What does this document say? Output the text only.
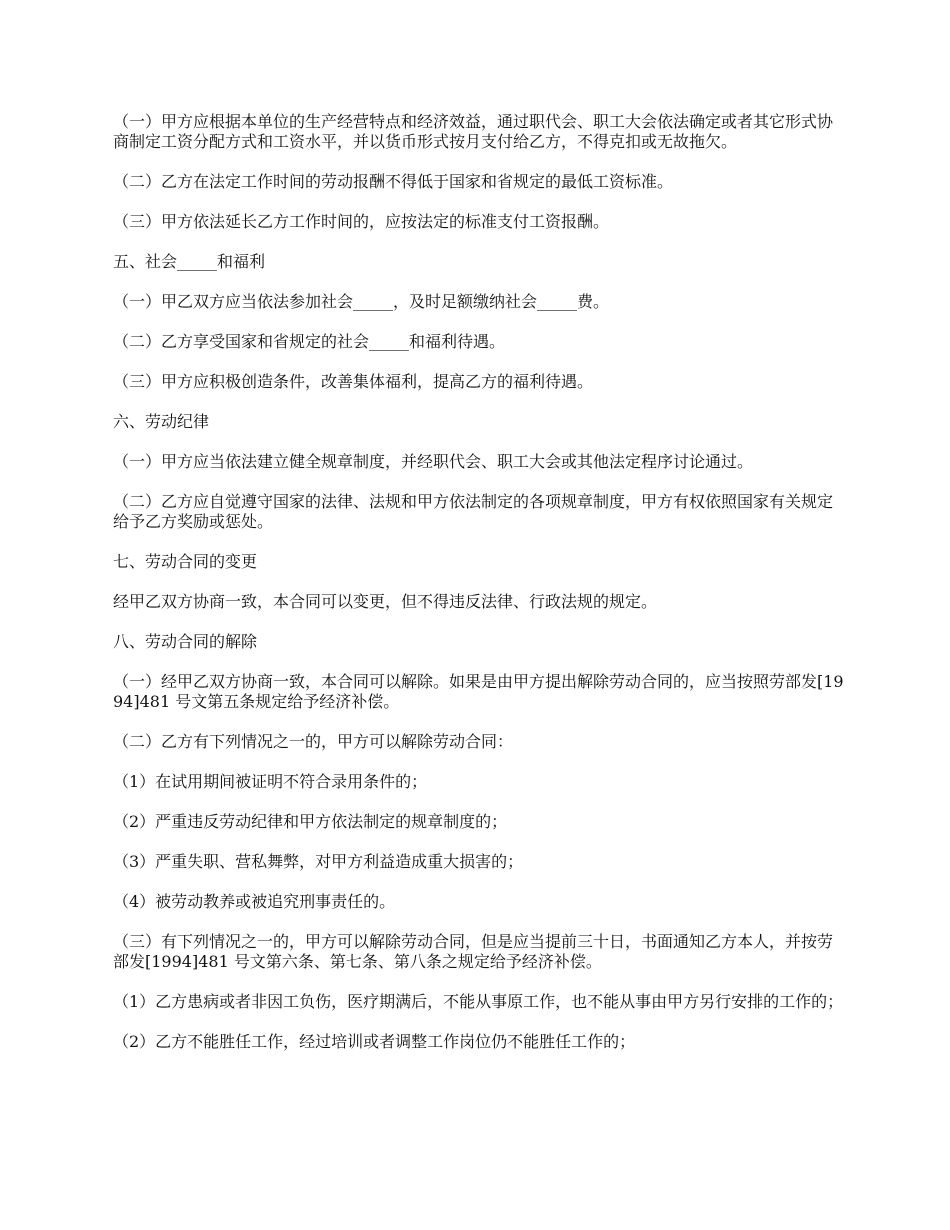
（一）甲方应根据本单位的生产经营特点和经济效益，通过职代会、职工大会依法确定或者其它形式协商制定工资分配方式和工资水平，并以货币形式按月支付给乙方，不得克扣或无故拖欠。

（二）乙方在法定工作时间的劳动报酬不得低于国家和省规定的最低工资标准。

（三）甲方依法延长乙方工作时间的，应按法定的标准支付工资报酬。

五、社会_____和福利

（一）甲乙双方应当依法参加社会_____，及时足额缴纳社会_____费。

（二）乙方享受国家和省规定的社会_____和福利待遇。

（三）甲方应积极创造条件，改善集体福利，提高乙方的福利待遇。

六、劳动纪律

（一）甲方应当依法建立健全规章制度，并经职代会、职工大会或其他法定程序讨论通过。

（二）乙方应自觉遵守国家的法律、法规和甲方依法制定的各项规章制度，甲方有权依照国家有关规定给予乙方奖励或惩处。

七、劳动合同的变更

经甲乙双方协商一致，本合同可以变更，但不得违反法律、行政法规的规定。

八、劳动合同的解除

（一）经甲乙双方协商一致，本合同可以解除。如果是由甲方提出解除劳动合同的，应当按照劳部发[1994]481 号文第五条规定给予经济补偿。

（二）乙方有下列情况之一的，甲方可以解除劳动合同：

（1）在试用期间被证明不符合录用条件的；

（2）严重违反劳动纪律和甲方依法制定的规章制度的；

（3）严重失职、营私舞弊，对甲方利益造成重大损害的；

（4）被劳动教养或被追究刑事责任的。

（三）有下列情况之一的，甲方可以解除劳动合同，但是应当提前三十日，书面通知乙方本人，并按劳部发[1994]481 号文第六条、第七条、第八条之规定给予经济补偿。

（1）乙方患病或者非因工负伤，医疗期满后，不能从事原工作，也不能从事由甲方另行安排的工作的；

（2）乙方不能胜任工作，经过培训或者调整工作岗位仍不能胜任工作的；
